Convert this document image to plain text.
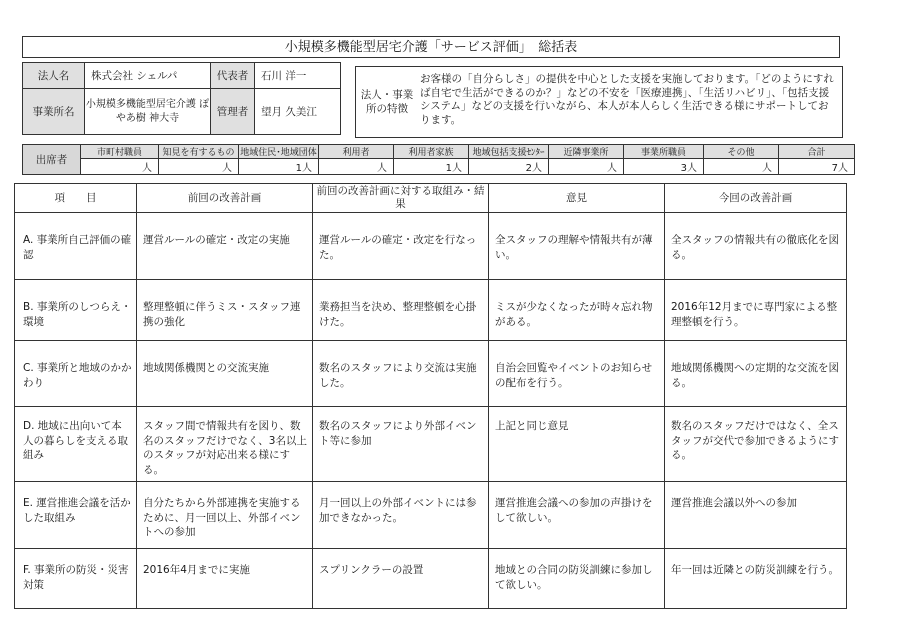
小規模多機能型居宅介護「サービス評価」　総括表
法人名	株式会社 シェルパ	代表者	石川 洋一
事業所名	小規模多機能型居宅介護 ぽやあ樹 神大寺	管理者	望月 久美江
法人・事業所の特徴
お客様の「自分らしさ」の提供を中心とした支援を実施しております。「どのようにすれば自宅で生活ができるのか？」などの不安を「医療連携」、「生活リハビリ」、「包括支援システム」などの支援を行いながら、本人が本人らしく生活できる様にサポートしております。
出席者	市町村職員	知見を有するもの	地域住民･地域団体	利用者	利用者家族	地域包括支援ｾﾝﾀｰ	近隣事業所	事業所職員	その他	合計
	人	人	1人	人	1人	2人	人	3人	人	7人
項　　目	前回の改善計画	前回の改善計画に対する取組み・結果	意見	今回の改善計画
A. 事業所自己評価の確認	運営ルールの確定・改定の実施	運営ルールの確定・改定を行なった。	全スタッフの理解や情報共有が薄い。	全スタッフの情報共有の徹底化を図る。
B. 事業所のしつらえ・環境	整理整頓に伴うミス・スタッフ連携の強化	業務担当を決め、整理整頓を心掛けた。	ミスが少なくなったが時々忘れ物がある。	2016年12月までに専門家による整理整頓を行う。
C. 事業所と地域のかかわり	地域関係機関との交流実施	数名のスタッフにより交流は実施した。	自治会回覧やイベントのお知らせの配布を行う。	地域関係機関への定期的な交流を図る。
D. 地域に出向いて本人の暮らしを支える取組み	スタッフ間で情報共有を図り、数名のスタッフだけでなく、3名以上のスタッフが対応出来る様にする。	数名のスタッフにより外部イベント等に参加	上記と同じ意見	数名のスタッフだけではなく、全スタッフが交代で参加できるようにする。
E. 運営推進会議を活かした取組み	自分たちから外部連携を実施するために、月一回以上、外部イベントへの参加	月一回以上の外部イベントには参加できなかった。	運営推進会議への参加の声掛けをして欲しい。	運営推進会議以外への参加
F. 事業所の防災・災害対策	2016年4月までに実施	スプリンクラーの設置	地域との合同の防災訓練に参加して欲しい。	年一回は近隣との防災訓練を行う。
